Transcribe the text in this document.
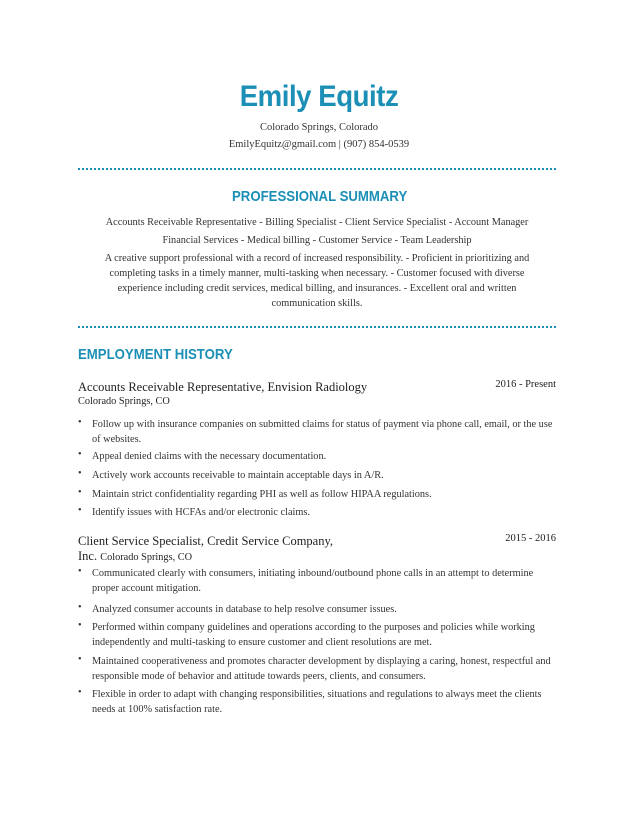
Emily Equitz
Colorado Springs, Colorado
EmilyEquitz@gmail.com | (907) 854-0539
PROFESSIONAL SUMMARY
Accounts Receivable Representative - Billing Specialist - Client Service Specialist - Account Manager
Financial Services - Medical billing - Customer Service - Team Leadership
A creative support professional with a record of increased responsibility. - Proficient in prioritizing and
completing tasks in a timely manner, multi-tasking when necessary. - Customer focused with diverse
experience including credit services, medical billing, and insurances. - Excellent oral and written
communication skills.
EMPLOYMENT HISTORY
Accounts Receivable Representative, Envision Radiology	2016 - Present
Colorado Springs, CO
• Follow up with insurance companies on submitted claims for status of payment via phone call, email, or the use of websites.
• Appeal denied claims with the necessary documentation.
• Actively work accounts receivable to maintain acceptable days in A/R.
• Maintain strict confidentiality regarding PHI as well as follow HIPAA regulations.
• Identify issues with HCFAs and/or electronic claims.
Client Service Specialist, Credit Service Company,	2015 - 2016
Inc. Colorado Springs, CO
• Communicated clearly with consumers, initiating inbound/outbound phone calls in an attempt to determine proper account mitigation.
• Analyzed consumer accounts in database to help resolve consumer issues.
• Performed within company guidelines and operations according to the purposes and policies while working independently and multi-tasking to ensure customer and client resolutions are met.
• Maintained cooperativeness and promotes character development by displaying a caring, honest, respectful and responsible mode of behavior and attitude towards peers, clients, and consumers.
• Flexible in order to adapt with changing responsibilities, situations and regulations to always meet the clients needs at 100% satisfaction rate.
